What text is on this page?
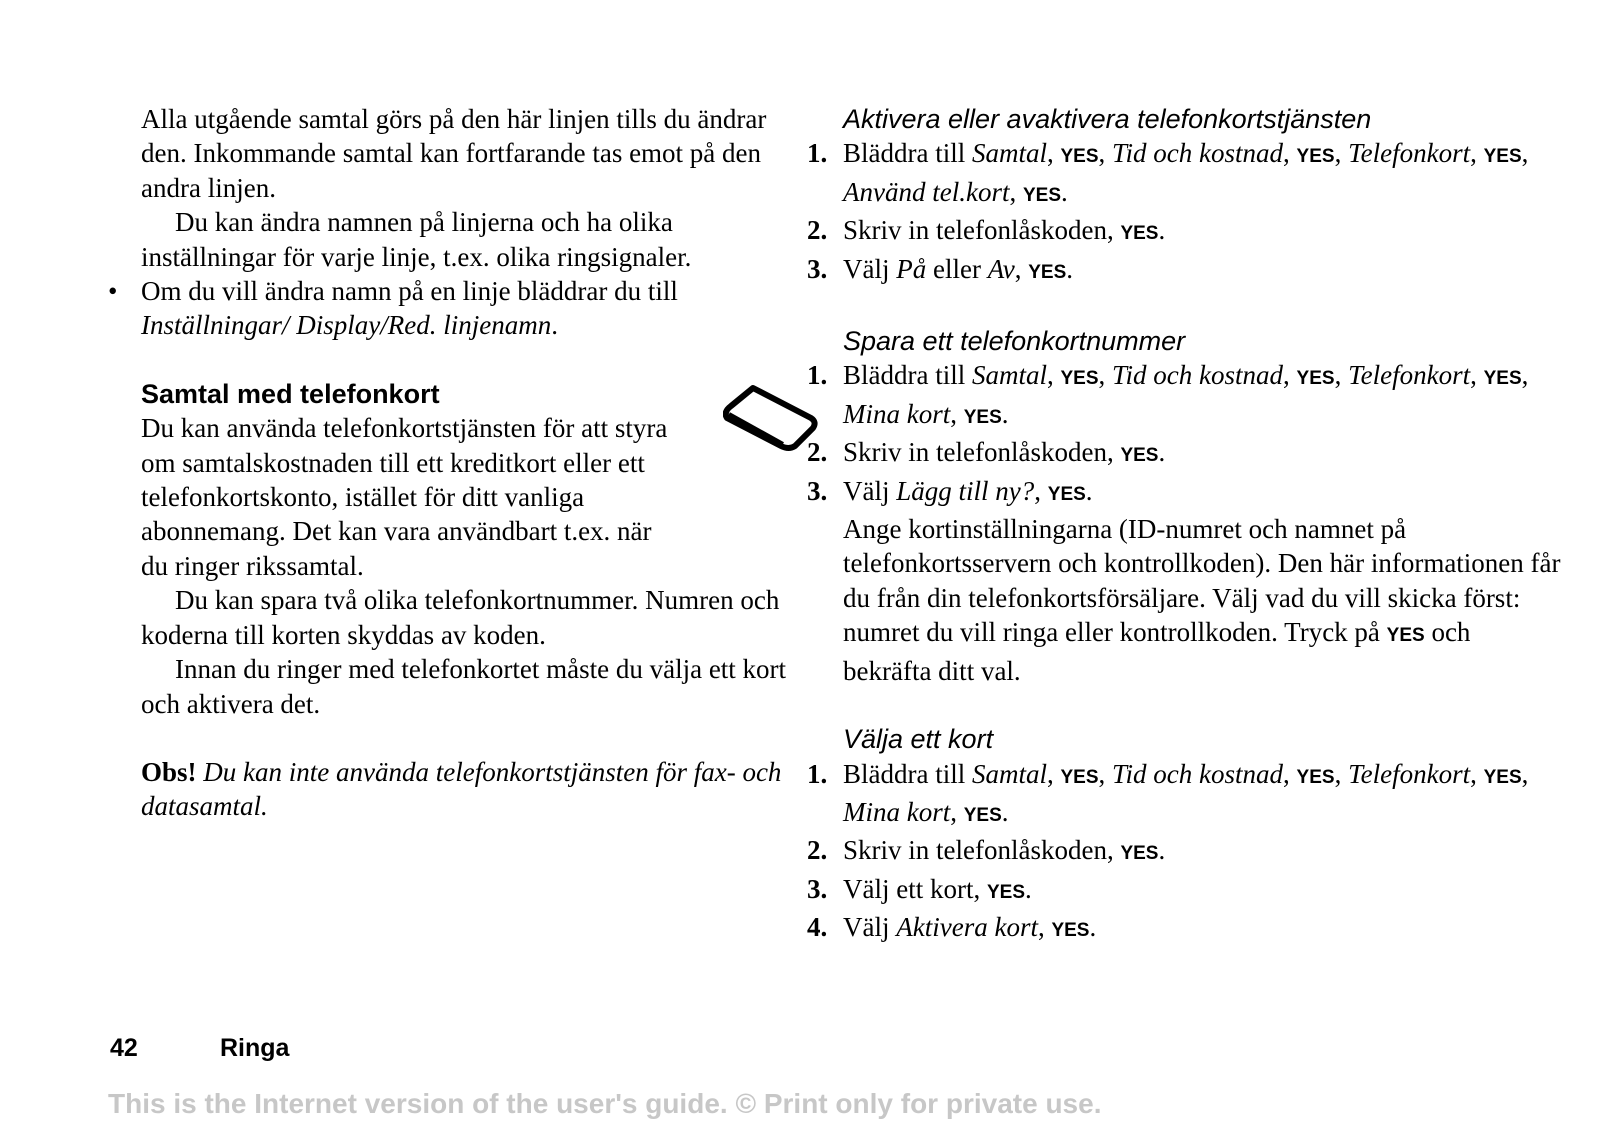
Alla utgående samtal görs på den här linjen tills du ändrar den. Inkommande samtal kan fortfarande tas emot på den andra linjen.

Du kan ändra namnen på linjerna och ha olika inställningar för varje linje, t.ex. olika ringsignaler.

• Om du vill ändra namn på en linje bläddrar du till Inställningar/ Display/Red. linjenamn.

Samtal med telefonkort

Du kan använda telefonkortstjänsten för att styra om samtalskostnaden till ett kreditkort eller ett telefonkortskonto, istället för ditt vanliga abonnemang. Det kan vara användbart t.ex. när du ringer rikssamtal.

Du kan spara två olika telefonkortnummer. Numren och koderna till korten skyddas av koden.

Innan du ringer med telefonkortet måste du välja ett kort och aktivera det.

Obs! Du kan inte använda telefonkortstjänsten för fax- och datasamtal.

Aktivera eller avaktivera telefonkortstjänsten
1. Bläddra till Samtal, YES, Tid och kostnad, YES, Telefonkort, YES, Använd tel.kort, YES.
2. Skriv in telefonlåskoden, YES.
3. Välj På eller Av, YES.
Spara ett telefonkortnummer
1. Bläddra till Samtal, YES, Tid och kostnad, YES, Telefonkort, YES, Mina kort, YES.
2. Skriv in telefonlåskoden, YES.
3. Välj Lägg till ny?, YES.

Ange kortinställningarna (ID-numret och namnet på telefonkortsservern och kontrollkoden). Den här informationen får du från din telefonkortsförsäljare. Välj vad du vill skicka först: numret du vill ringa eller kontrollkoden. Tryck på YES och bekräfta ditt val.

Välja ett kort
1. Bläddra till Samtal, YES, Tid och kostnad, YES, Telefonkort, YES, Mina kort, YES.
2. Skriv in telefonlåskoden, YES.
3. Välj ett kort, YES.
4. Välj Aktivera kort, YES.
42	Ringa
This is the Internet version of the user's guide. © Print only for private use.
